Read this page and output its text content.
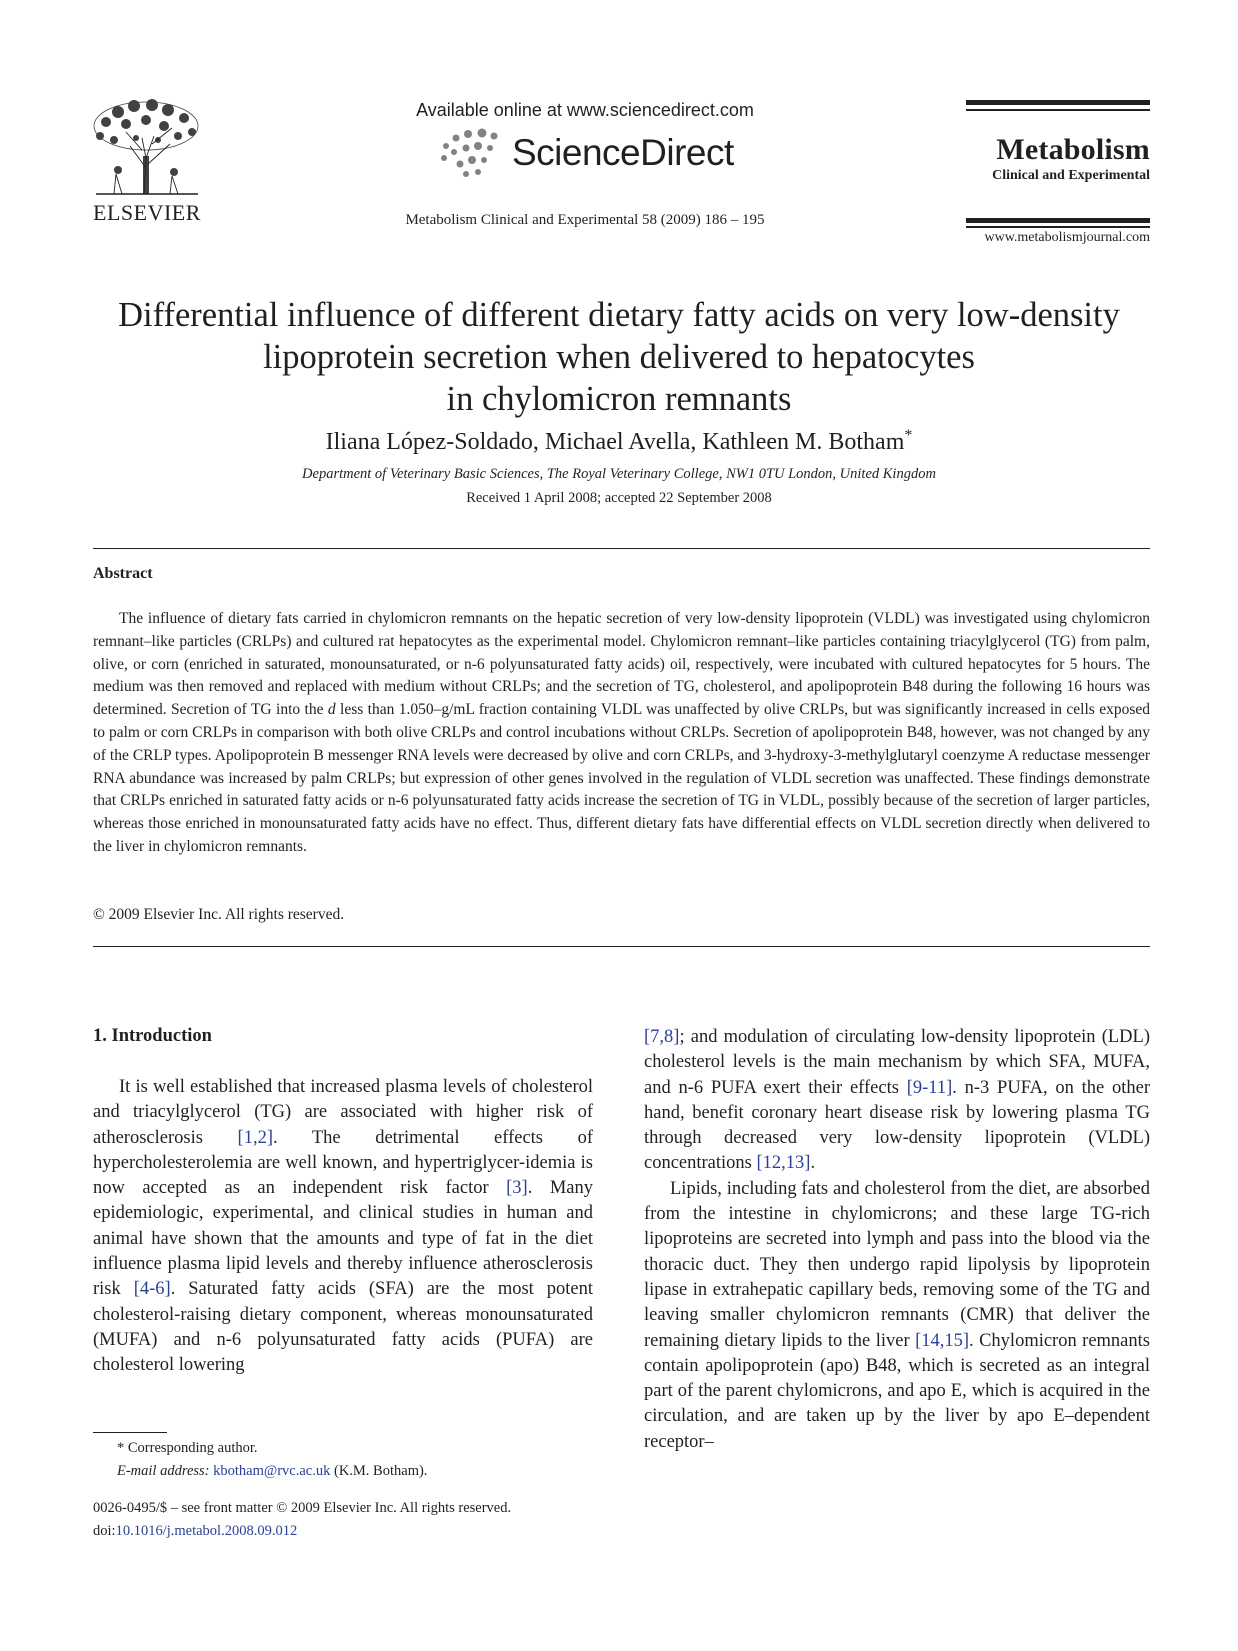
ELSEVIER
Available online at www.sciencedirect.com
ScienceDirect
Metabolism Clinical and Experimental 58 (2009) 186 – 195
Metabolism
Clinical and Experimental
www.metabolismjournal.com
Differential influence of different dietary fatty acids on very low-density
lipoprotein secretion when delivered to hepatocytes
in chylomicron remnants
Iliana López-Soldado, Michael Avella, Kathleen M. Botham*
Department of Veterinary Basic Sciences, The Royal Veterinary College, NW1 0TU London, United Kingdom
Received 1 April 2008; accepted 22 September 2008
Abstract
The influence of dietary fats carried in chylomicron remnants on the hepatic secretion of very low-density lipoprotein (VLDL) was investigated using chylomicron remnant–like particles (CRLPs) and cultured rat hepatocytes as the experimental model. Chylomicron remnant–like particles containing triacylglycerol (TG) from palm, olive, or corn (enriched in saturated, monounsaturated, or n-6 polyunsaturated fatty acids) oil, respectively, were incubated with cultured hepatocytes for 5 hours. The medium was then removed and replaced with medium without CRLPs; and the secretion of TG, cholesterol, and apolipoprotein B48 during the following 16 hours was determined. Secretion of TG into the d less than 1.050–g/mL fraction containing VLDL was unaffected by olive CRLPs, but was significantly increased in cells exposed to palm or corn CRLPs in comparison with both olive CRLPs and control incubations without CRLPs. Secretion of apolipoprotein B48, however, was not changed by any of the CRLP types. Apolipoprotein B messenger RNA levels were decreased by olive and corn CRLPs, and 3-hydroxy-3-methylglutaryl coenzyme A reductase messenger RNA abundance was increased by palm CRLPs; but expression of other genes involved in the regulation of VLDL secretion was unaffected. These findings demonstrate that CRLPs enriched in saturated fatty acids or n-6 polyunsaturated fatty acids increase the secretion of TG in VLDL, possibly because of the secretion of larger particles, whereas those enriched in monounsaturated fatty acids have no effect. Thus, different dietary fats have differential effects on VLDL secretion directly when delivered to the liver in chylomicron remnants.
© 2009 Elsevier Inc. All rights reserved.
1. Introduction
It is well established that increased plasma levels of cholesterol and triacylglycerol (TG) are associated with higher risk of atherosclerosis [1,2]. The detrimental effects of hypercholesterolemia are well known, and hypertriglycer-idemia is now accepted as an independent risk factor [3]. Many epidemiologic, experimental, and clinical studies in human and animal have shown that the amounts and type of fat in the diet influence plasma lipid levels and thereby influence atherosclerosis risk [4-6]. Saturated fatty acids (SFA) are the most potent cholesterol-raising dietary component, whereas monounsaturated (MUFA) and n-6 polyunsaturated fatty acids (PUFA) are cholesterol lowering

[7,8]; and modulation of circulating low-density lipoprotein (LDL) cholesterol levels is the main mechanism by which SFA, MUFA, and n-6 PUFA exert their effects [9-11]. n-3 PUFA, on the other hand, benefit coronary heart disease risk by lowering plasma TG through decreased very low-density lipoprotein (VLDL) concentrations [12,13].

Lipids, including fats and cholesterol from the diet, are absorbed from the intestine in chylomicrons; and these large TG-rich lipoproteins are secreted into lymph and pass into the blood via the thoracic duct. They then undergo rapid lipolysis by lipoprotein lipase in extrahepatic capillary beds, removing some of the TG and leaving smaller chylomicron remnants (CMR) that deliver the remaining dietary lipids to the liver [14,15]. Chylomicron remnants contain apolipoprotein (apo) B48, which is secreted as an integral part of the parent chylomicrons, and apo E, which is acquired in the circulation, and are taken up by the liver by apo E–dependent receptor–

* Corresponding author.
E-mail address: kbotham@rvc.ac.uk (K.M. Botham).
0026-0495/$ – see front matter © 2009 Elsevier Inc. All rights reserved.
doi:10.1016/j.metabol.2008.09.012
